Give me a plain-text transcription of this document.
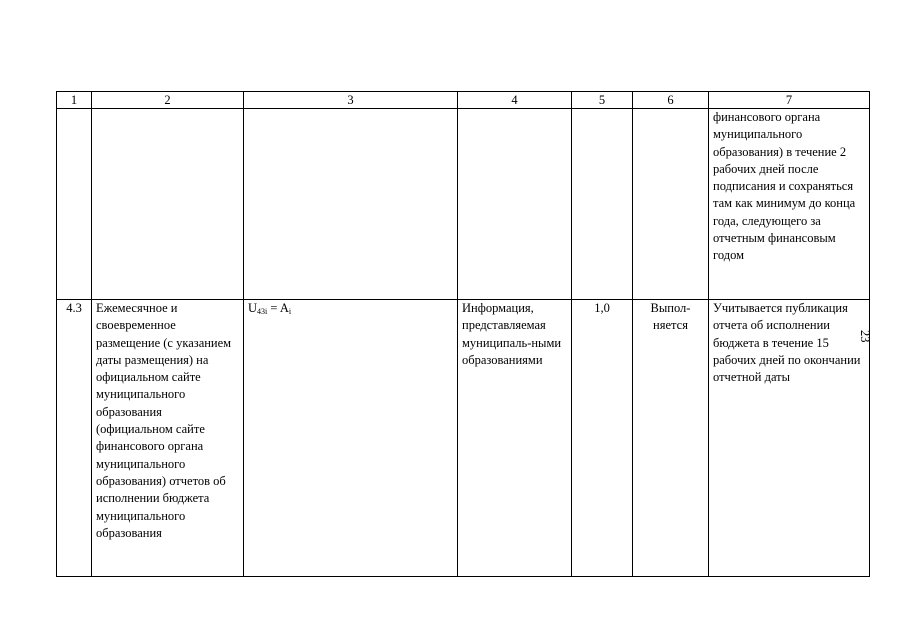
1	2	3	4	5	6	7
						финансового органа муниципального образования) в течение 2 рабочих дней после подписания и сохраняться там как минимум до конца года, следующего за отчетным финансовым годом
4.3	Ежемесячное и своевременное размещение (с указанием даты размещения) на официальном сайте муниципального образования (официальном сайте финансового органа муниципального образования) отчетов об исполнении бюджета муниципального образования	$U_{43i} = A_i$	Информация, представляемая муниципаль-ными образованиями	1,0	Выпол-няется	Учитывается публикация отчета об исполнении бюджета в течение 15 рабочих дней по окончании отчетной даты
23
